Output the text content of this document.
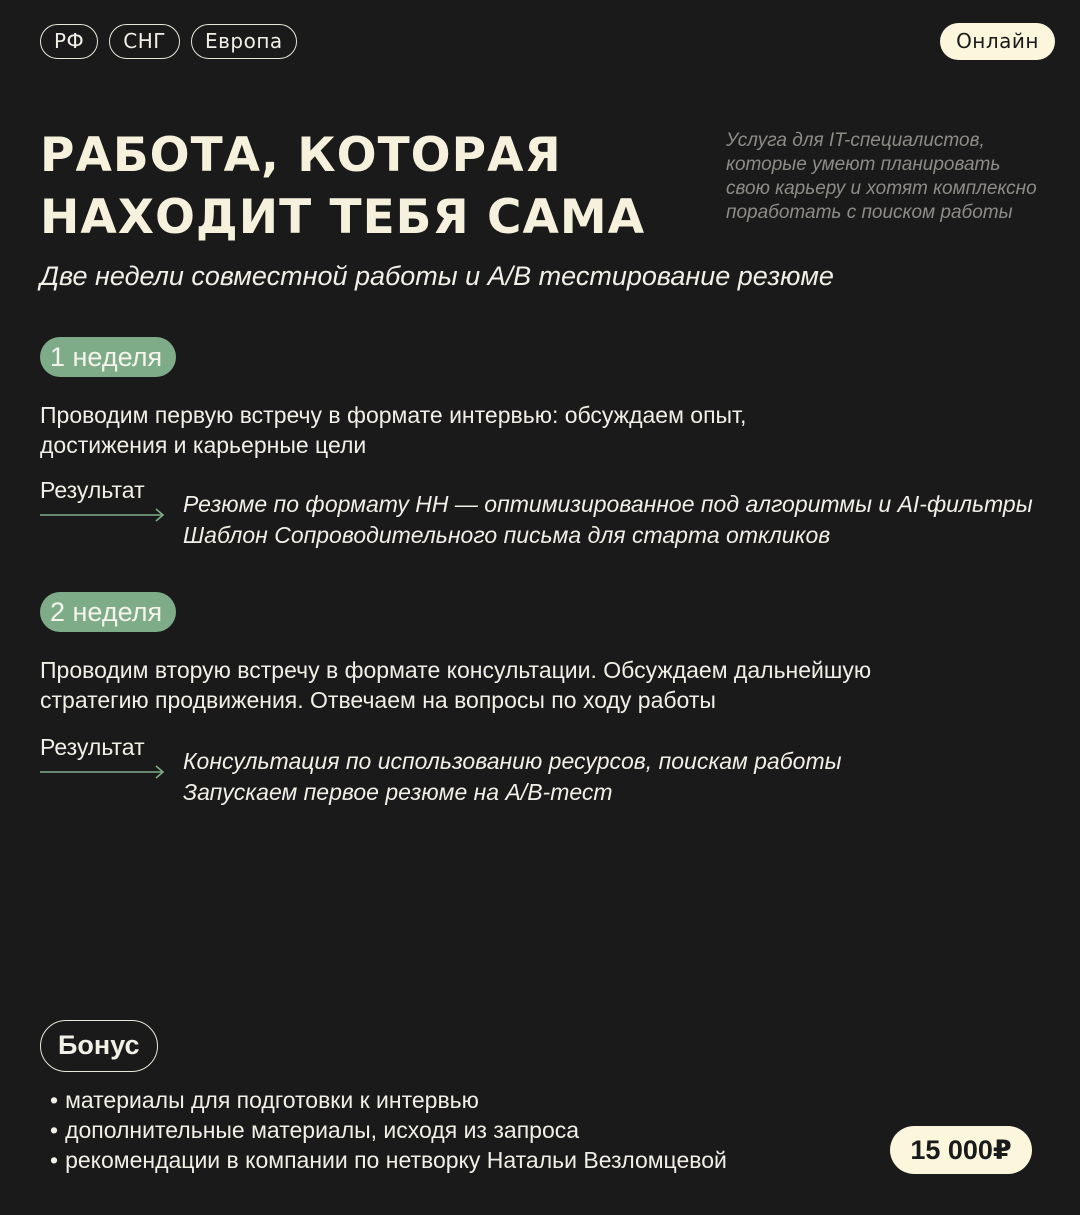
РФ	СНГ	Европа	Онлайн
РАБОТА, КОТОРАЯ
НАХОДИТ ТЕБЯ САМА
Услуга для IT-специалистов,
которые умеют планировать
свою карьеру и хотят комплексно
поработать с поиском работы
Две недели совместной работы и A/B тестирование резюме
1 неделя
Проводим первую встречу в формате интервью: обсуждаем опыт,
достижения и карьерные цели
Результат
Резюме по формату НН — оптимизированное под алгоритмы и AI-фильтры
Шаблон Сопроводительного письма для старта откликов
2 неделя
Проводим вторую встречу в формате консультации. Обсуждаем дальнейшую
стратегию продвижения. Отвечаем на вопросы по ходу работы
Результат
Консультация по использованию ресурсов, поискам работы
Запускаем первое резюме на A/B-тест
Бонус
• материалы для подготовки к интервью
• дополнительные материалы, исходя из запроса
• рекомендации в компании по нетворку Натальи Везломцевой	15 000₽
